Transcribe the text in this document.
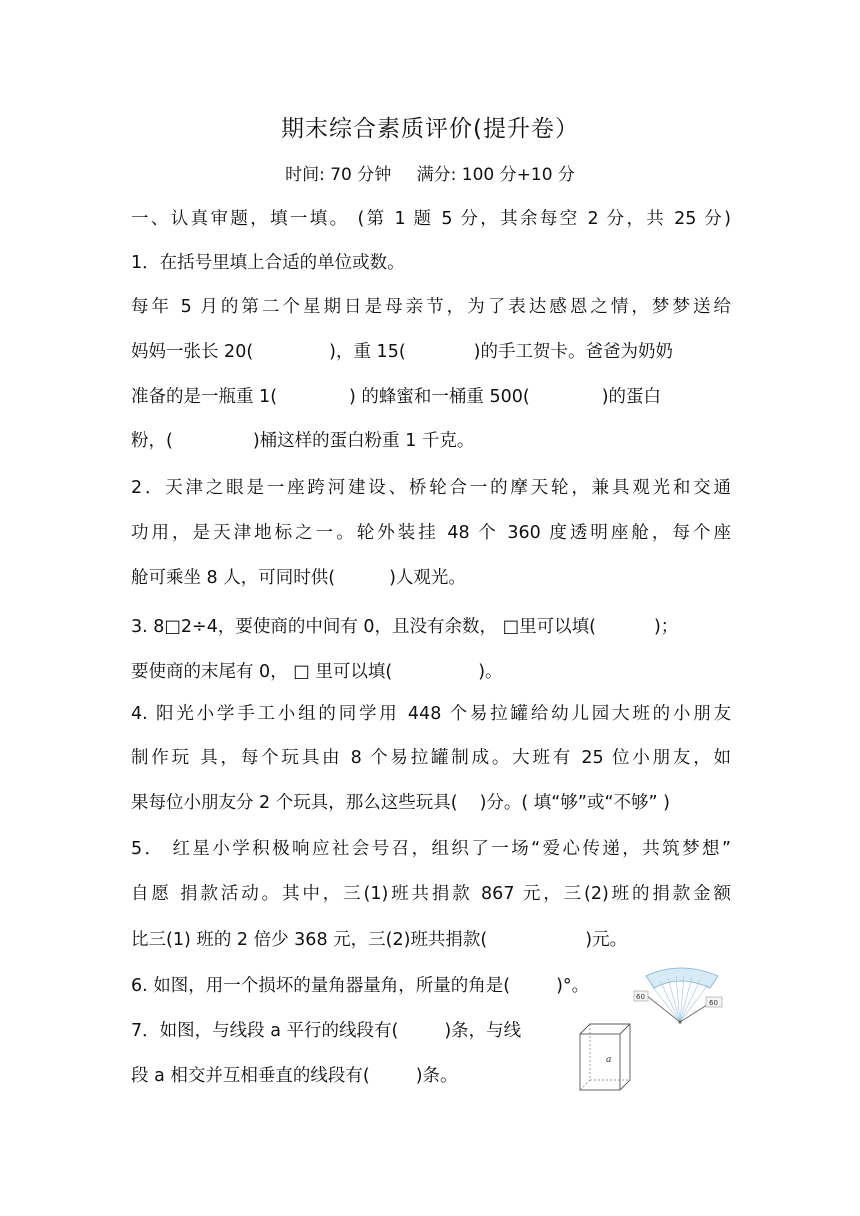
期末综合素质评价(提升卷）
时间: 70 分钟 满分: 100 分+10 分
一、认真审题，填一填。 (第 1 题 5 分，其余每空 2 分，共 25 分)
1．在括号里填上合适的单位或数。
每年 5 月的第二个星期日是母亲节，为了表达感恩之情，梦梦送给
妈妈一张长 20(	)，重 15(	)的手工贺卡。爸爸为奶奶
准备的是一瓶重 1(	) 的蜂蜜和一桶重 500(	)的蛋白
粉，(	)桶这样的蛋白粉重 1 千克。
2．天津之眼是一座跨河建设、桥轮合一的摩天轮，兼具观光和交通
功用，是天津地标之一。轮外装挂 48 个 360 度透明座舱，每个座
舱可乘坐 8 人，可同时供(	)人观光。
3. 8□2÷4，要使商的中间有 0，且没有余数， □里可以填(	)；
要使商的末尾有 0， □ 里可以填(	)。
4. 阳光小学手工小组的同学用 448 个易拉罐给幼儿园大班的小朋友
制作玩 具，每个玩具由 8 个易拉罐制成。大班有 25 位小朋友，如
果每位小朋友分 2 个玩具，那么这些玩具( )分。( 填“够”或“不够” )
5． 红星小学积极响应社会号召，组织了一场“爱心传递，共筑梦想”
自愿 捐款活动。其中，三(1)班共捐款 867 元，三(2)班的捐款金额
比三(1) 班的 2 倍少 368 元，三(2)班共捐款(	)元。
6. 如图，用一个损坏的量角器量角，所量的角是(	)°。
60
60
7．如图，与线段 a 平行的线段有(	)条，与线
段 a 相交并互相垂直的线段有(	)条。
a
